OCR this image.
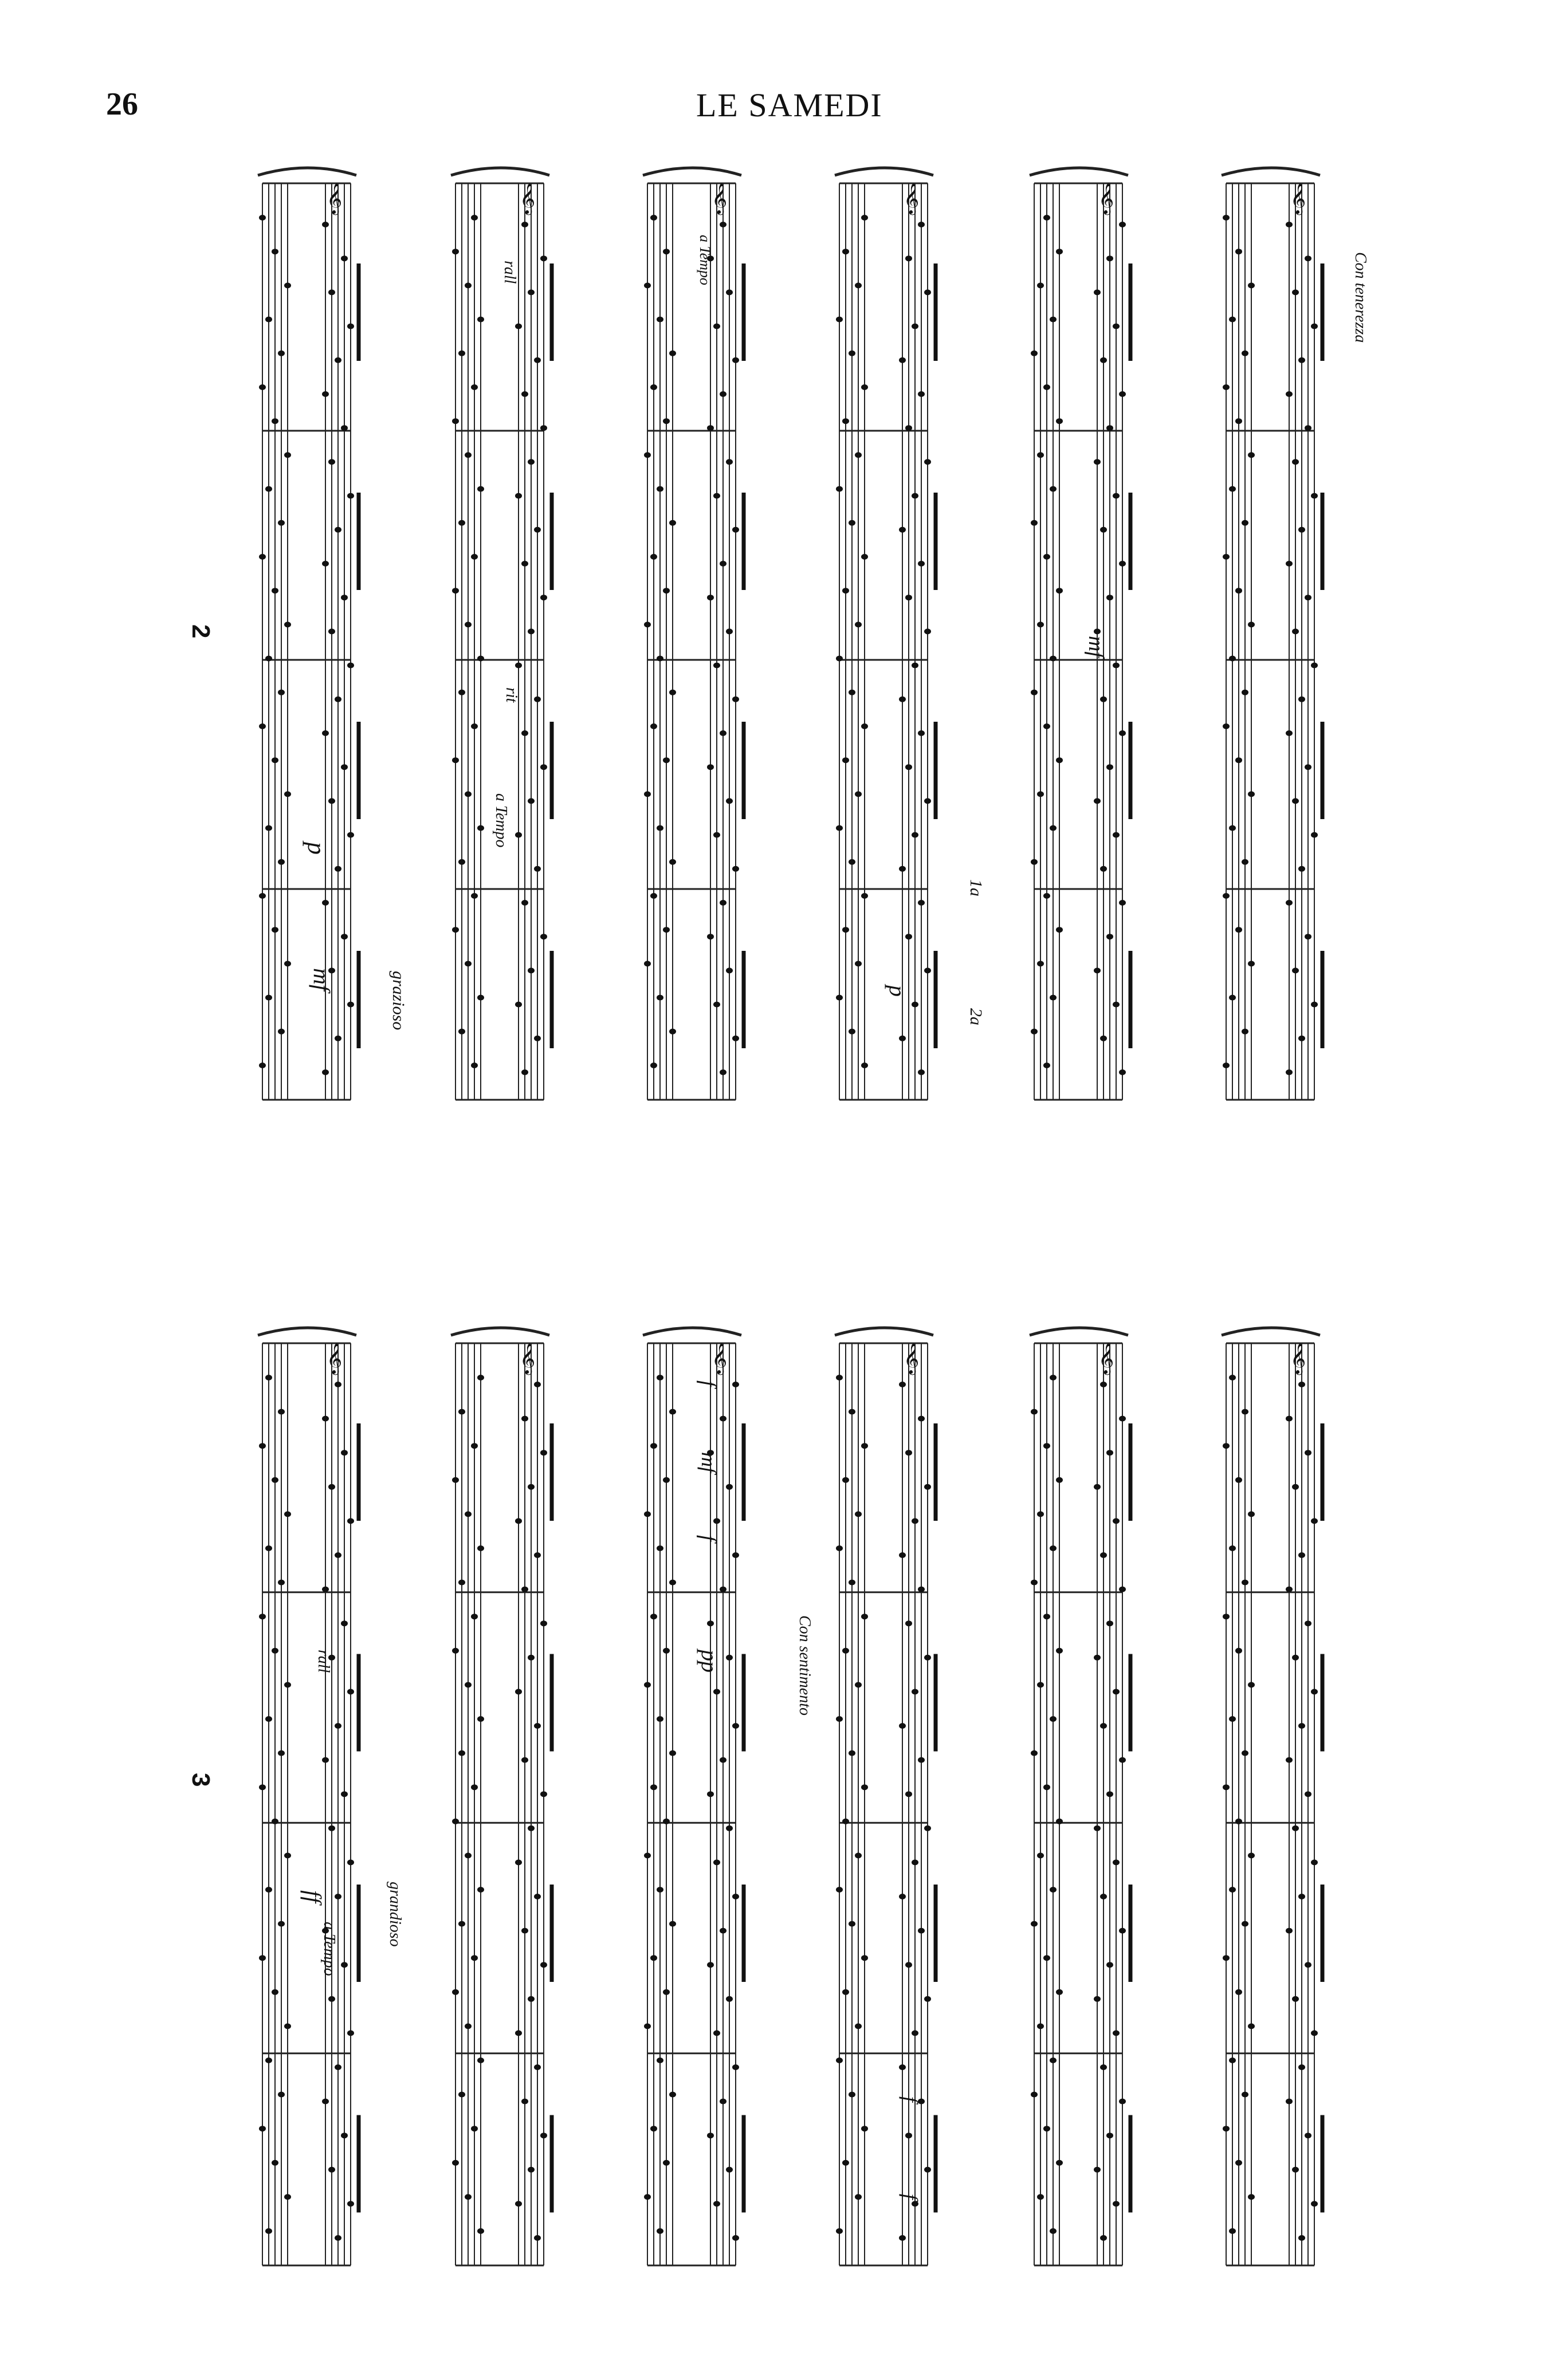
26	LE SAMEDI
𝄞	𝄞	𝄞	𝄞	𝄞	𝄞
𝄞	𝄞	𝄞	𝄞	𝄞	𝄞
2
3
grazioso
mf
p
rall
rit
a Tempo
a Tempo
1a
2a
p
mf
Con tenerezza
rall
ff
a Tempo
grandioso
f
mf
f
pp	Con sentimento
f
f
